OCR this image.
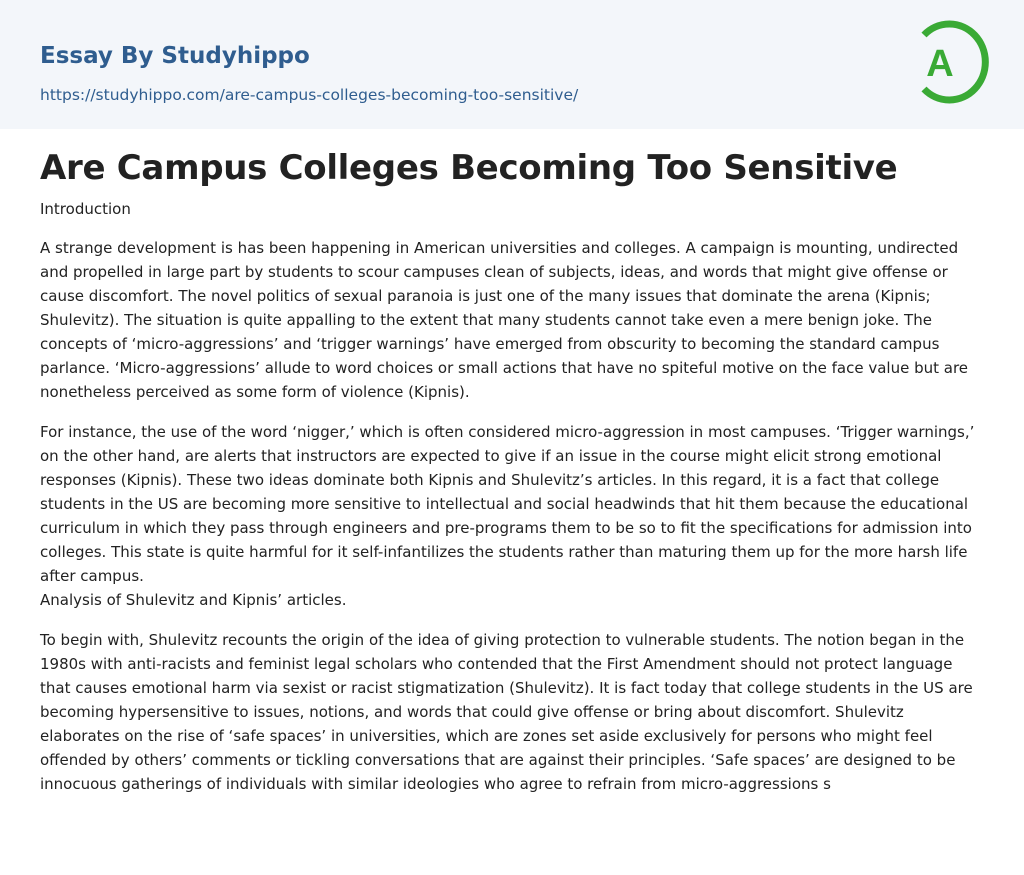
Essay By Studyhippo
https://studyhippo.com/are-campus-colleges-becoming-too-sensitive/
A
Are Campus Colleges Becoming Too Sensitive

Introduction

A strange development is has been happening in American universities and colleges. A campaign is mounting, undirected and propelled in large part by students to scour campuses clean of subjects, ideas, and words that might give offense or cause discomfort. The novel politics of sexual paranoia is just one of the many issues that dominate the arena (Kipnis; Shulevitz). The situation is quite appalling to the extent that many students cannot take even a mere benign joke. The concepts of ‘micro-aggressions’ and ‘trigger warnings’ have emerged from obscurity to becoming the standard campus parlance. ‘Micro-aggressions’ allude to word choices or small actions that have no spiteful motive on the face value but are nonetheless perceived as some form of violence (Kipnis).

For instance, the use of the word ‘nigger,’ which is often considered micro-aggression in most campuses. ‘Trigger warnings,’ on the other hand, are alerts that instructors are expected to give if an issue in the course might elicit strong emotional responses (Kipnis). These two ideas dominate both Kipnis and Shulevitz’s articles. In this regard, it is a fact that college students in the US are becoming more sensitive to intellectual and social headwinds that hit them because the educational curriculum in which they pass through engineers and pre-programs them to be so to fit the specifications for admission into colleges. This state is quite harmful for it self-infantilizes the students rather than maturing them up for the more harsh life after campus.

Analysis of Shulevitz and Kipnis’ articles.

To begin with, Shulevitz recounts the origin of the idea of giving protection to vulnerable students. The notion began in the 1980s with anti-racists and feminist legal scholars who contended that the First Amendment should not protect language that causes emotional harm via sexist or racist stigmatization (Shulevitz). It is fact today that college students in the US are becoming hypersensitive to issues, notions, and words that could give offense or bring about discomfort. Shulevitz elaborates on the rise of ‘safe spaces’ in universities, which are zones set aside exclusively for persons who might feel offended by others’ comments or tickling conversations that are against their principles. ‘Safe spaces’ are designed to be innocuous gatherings of individuals with similar ideologies who agree to refrain from micro-aggressions s
